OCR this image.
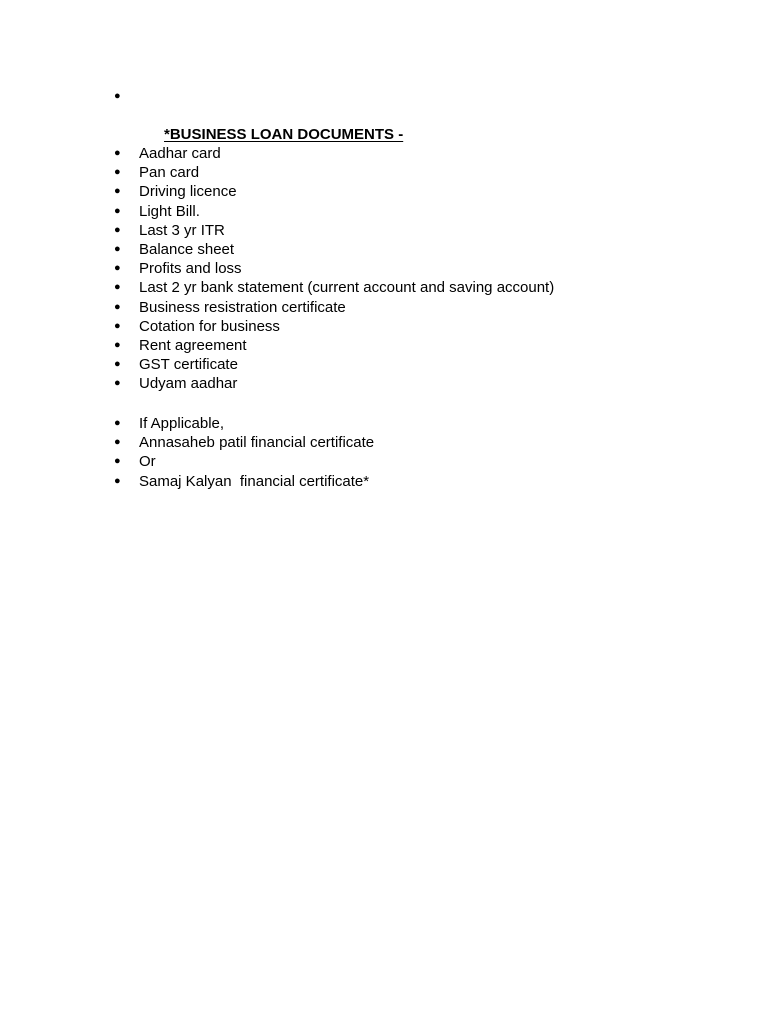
●

*BUSINESS LOAN DOCUMENTS -

● Aadhar card
● Pan card
● Driving licence
● Light Bill.
● Last 3 yr ITR
● Balance sheet
● Profits and loss
● Last 2 yr bank statement (current account and saving account)
● Business resistration certificate
● Cotation for business
● Rent agreement
● GST certificate
● Udyam aadhar
● If Applicable,
● Annasaheb patil financial certificate
● Or
● Samaj Kalyan  financial certificate*
